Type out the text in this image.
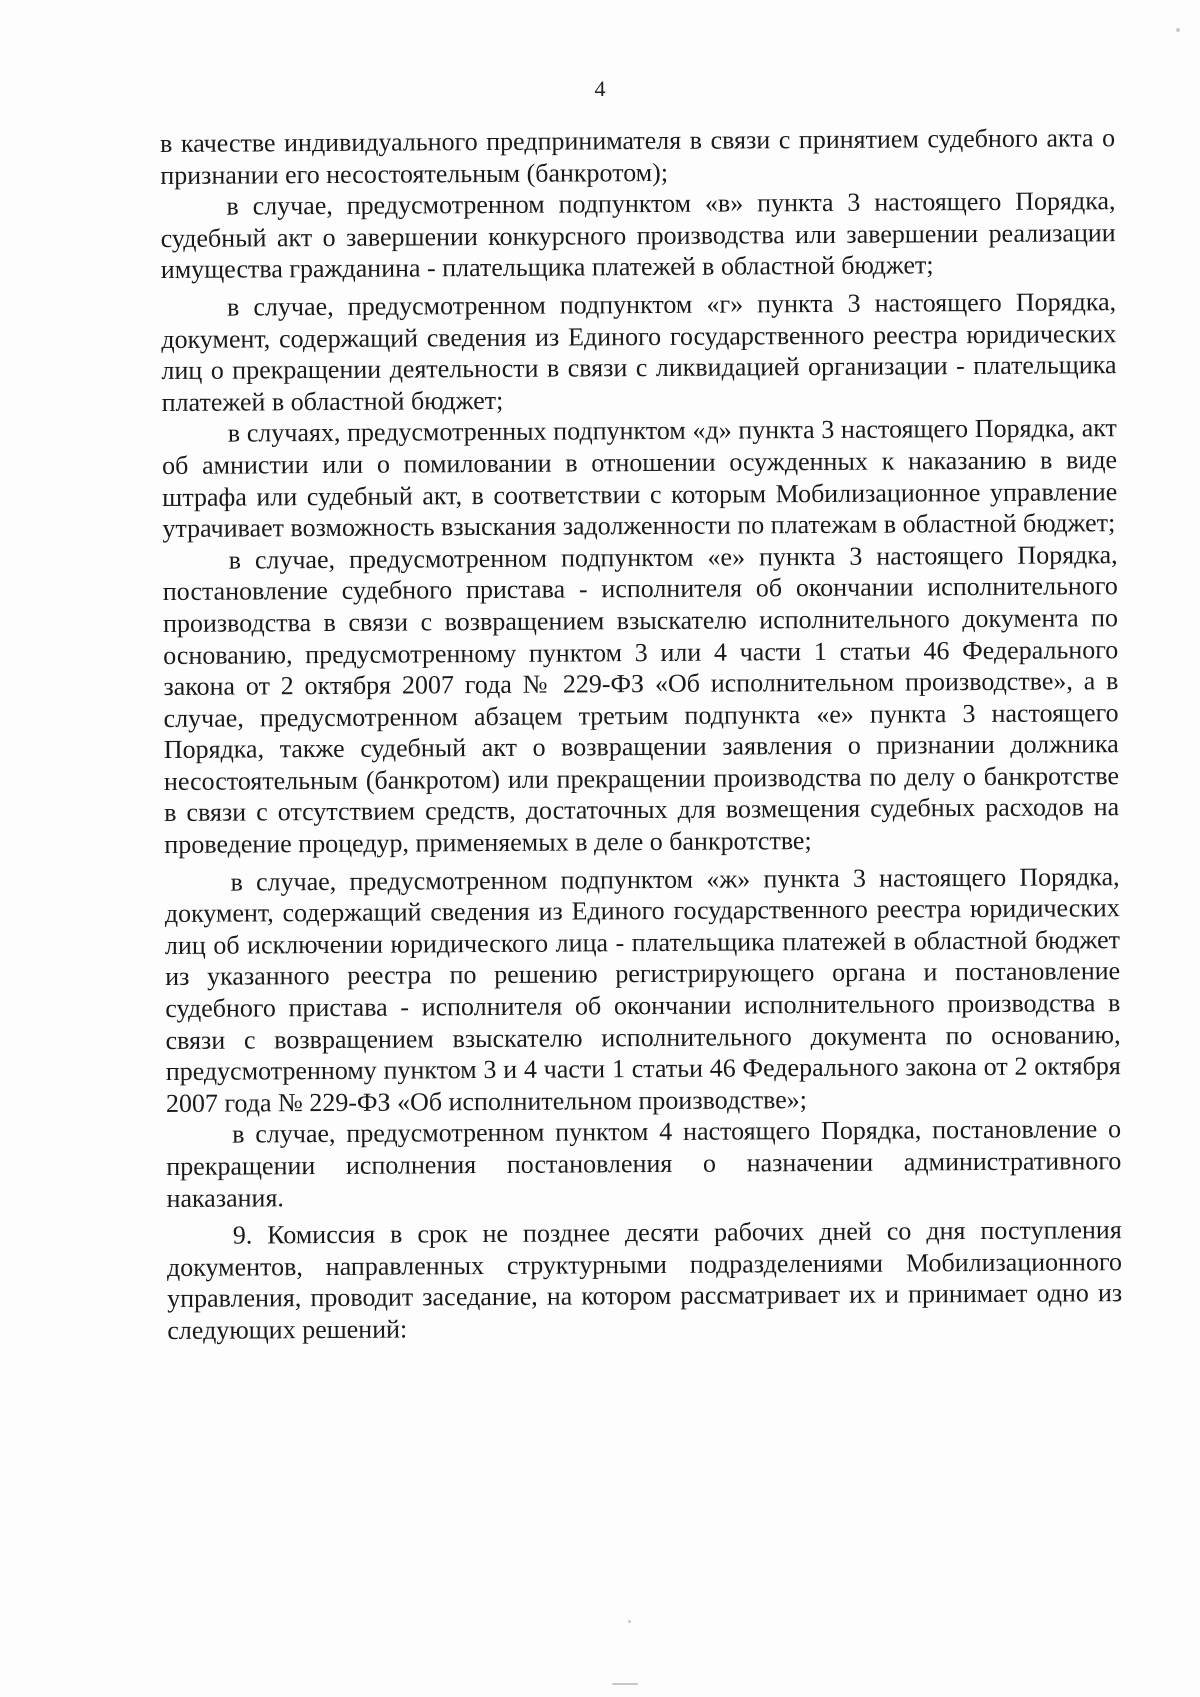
4

в качестве индивидуального предпринимателя в связи с принятием судебного акта о признании его несостоятельным (банкротом);

в случае, предусмотренном подпунктом «в» пункта 3 настоящего Порядка, судебный акт о завершении конкурсного производства или завершении реализации имущества гражданина - плательщика платежей в областной бюджет;

в случае, предусмотренном подпунктом «г» пункта 3 настоящего Порядка, документ, содержащий сведения из Единого государственного реестра юридических лиц о прекращении деятельности в связи с ликвидацией организации - плательщика платежей в областной бюджет;

в случаях, предусмотренных подпунктом «д» пункта 3 настоящего Порядка, акт об амнистии или о помиловании в отношении осужденных к наказанию в виде штрафа или судебный акт, в соответствии с которым Мобилизационное управление утрачивает возможность взыскания задолженности по платежам в областной бюджет;

в случае, предусмотренном подпунктом «е» пункта 3 настоящего Порядка, постановление судебного пристава - исполнителя об окончании исполнительного производства в связи с возвращением взыскателю исполнительного документа по основанию, предусмотренному пунктом 3 или 4 части 1 статьи 46 Федерального закона от 2 октября 2007 года № 229-ФЗ «Об исполнительном производстве», а в случае, предусмотренном абзацем третьим подпункта «е» пункта 3 настоящего Порядка, также судебный акт о возвращении заявления о признании должника несостоятельным (банкротом) или прекращении производства по делу о банкротстве в связи с отсутствием средств, достаточных для возмещения судебных расходов на проведение процедур, применяемых в деле о банкротстве;

в случае, предусмотренном подпунктом «ж» пункта 3 настоящего Порядка, документ, содержащий сведения из Единого государственного реестра юридических лиц об исключении юридического лица - плательщика платежей в областной бюджет из указанного реестра по решению регистрирующего органа и постановление судебного пристава - исполнителя об окончании исполнительного производства в связи с возвращением взыскателю исполнительного документа по основанию, предусмотренному пунктом 3 и 4 части 1 статьи 46 Федерального закона от 2 октября 2007 года № 229-ФЗ «Об исполнительном производстве»;

в случае, предусмотренном пунктом 4 настоящего Порядка, постановление о прекращении исполнения постановления о назначении административного наказания.

9. Комиссия в срок не позднее десяти рабочих дней со дня поступления документов, направленных структурными подразделениями Мобилизационного управления, проводит заседание, на котором рассматривает их и принимает одно из следующих решений:
